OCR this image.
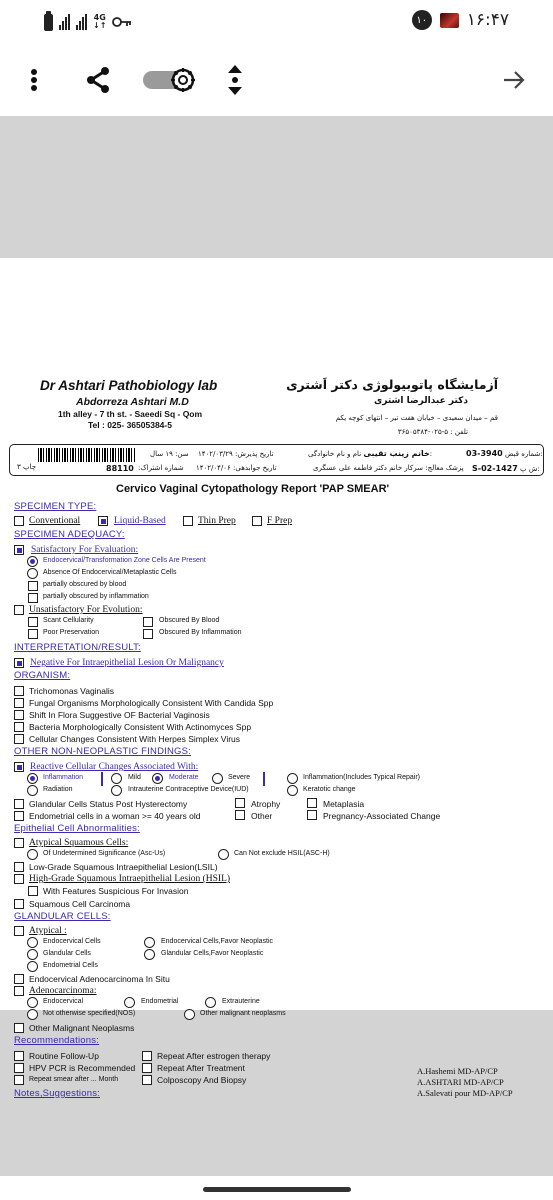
4G
↓↑	۱۰ ۱۶:۴۷
Dr Ashtari Pathobiology lab
Abdorreza Ashtari M.D
1th alley - 7 th st. - Saeedi Sq - Qom
Tel : 025- 36505384-5
آزمایشگاه پاتوبیولوژی دکتر اَشتری
دکتر عبدالرضا اشتری
قم – میدان سعیدی – خیابان هفت تیر – انتهای کوچه یکم
تلفن : ۵-۰۲۵-۳۶۵۰۵۳۸۴
چاپ ۳	88110 شماره اشتراک:
سن: ۱۹ سال تاریخ پذیرش: ۱۴۰۲/۰۳/۲۹
تاریخ جوابدهی: ۱۴۰۲/۰۴/۰۶
خانم زینب تقیبی نام و نام خانوادگی:
پزشک معالج: سرکار خانم دکتر فاطمه علی عسگری
03-3940 شماره قبض:
S-02-1427 ش پ:
Cervico Vaginal Cytopathology Report 'PAP SMEAR'
SPECIMEN TYPE:
Conventional	Liquid-Based	Thin Prep	F Prep
SPECIMEN ADEQUACY:
Satisfactory For Evaluation:
Endocervical/Transformation Zone Cells Are Present
Absence Of Endocervical/Metaplastic Cells
partially obscured by blood
partially obscured by inflammation
Unsatisfactory For Evolution:
Scant Cellularity	Obscured By Blood
Poor Preservation	Obscured By Inflammation
INTERPRETATION/RESULT:
Negative For Intraepithelial Lesion Or Malignancy
ORGANISM:
Trichomonas Vaginalis
Fungal Organisms Morphologically Consistent With Candida Spp
Shift In Flora Suggestive OF Bacterial Vaginosis
Bacteria Morphologically Consistent With Actinomyces Spp
Cellular Changes Consistent With Herpes Simplex Virus
OTHER NON-NEOPLASTIC FINDINGS:
Reactive Cellular Changes Associated With:
Inflammation	Mild	Moderate	Severe	Inflammation(Includes Typical Repair)
Radiation	Intrauterine Contraceptive Device(IUD)	Keratotic change
Glandular Cells Status Post Hysterectomy	Atrophy	Metaplasia
Endometrial cells in a woman >= 40 years old	Other	Pregnancy-Associated Change
Epithelial Cell Abnormalities:
Atypical Squamous Cells:
Of Undetermined Significance (Asc-Us)	Can Not exclude HSIL(ASC-H)
Low-Grade Squamous Intraepithelial Lesion(LSIL)
High-Grade Squamous Intraepithelial Lesion (HSIL)
With Features Suspicious For Invasion
Squamous Cell Carcinoma
GLANDULAR CELLS:
Atypical :
Endocervical Cells	Endocervical Cells,Favor Neoplastic
Glandular Cells	Glandular Cells,Favor Neoplastic
Endometrial Cells
Endocervical Adenocarcinoma In Situ
Adenocarcinoma:
Endocervical	Endometrial	Extrauterine
Not otherwise specified(NOS)	Other malignant neoplasms
Other Malignant Neoplasms
Recommendations:
Routine Follow-Up	Repeat After estrogen therapy
HPV PCR is Recommended	Repeat After Treatment
Repeat smear after ... Month	Colposcopy And Biopsy
Notes,Suggestions:
A.Hashemi MD-AP/CP
A.ASHTARI MD-AP/CP
A.Salevati pour MD-AP/CP
